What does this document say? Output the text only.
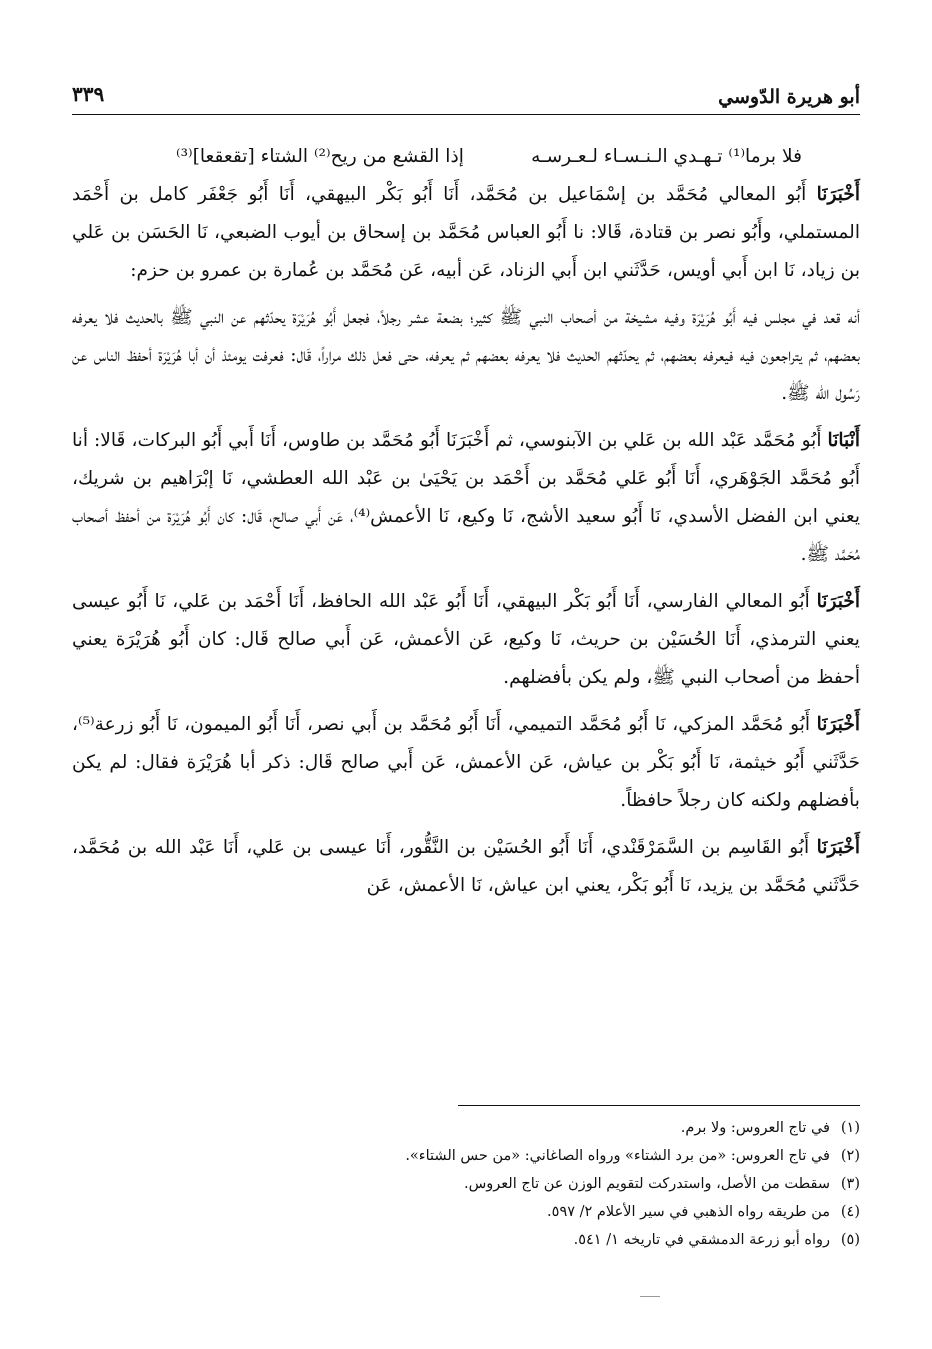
أبو هريرة الدّوسي
٣٣٩
فلا برما⁽¹⁾ تـهـدي الـنـسـاء لـعـرسـه
إذا القشع من ريح⁽²⁾ الشتاء [تقعقعا]⁽³⁾

أَخْبَرَنَا أَبُو المعالي مُحَمَّد بن إسْمَاعيل بن مُحَمَّد، أَنَا أَبُو بَكْر البيهقي، أَنَا أَبُو جَعْفَر كامل بن أَحْمَد المستملي، وأَبُو نصر بن قتادة، قَالا: نا أَبُو العباس مُحَمَّد بن إسحاق بن أيوب الضبعي، نَا الحَسَن بن عَلي بن زياد، نَا ابن أَبي أويس، حَدَّثَني ابن أَبي الزناد، عَن أبيه، عَن مُحَمَّد بن عُمارة بن عمرو بن حزم:

أنه قعد في مجلس فيه أَبُو هُرَيْرَة وفيه مشيخة من أصحاب النبي ﷺ كثير؛ بضعة عشر رجلاً، فجعل أَبُو هُرَيْرَة يحدّثهم عن النبي ﷺ بالحديث فلا يعرفه بعضهم، ثم يتراجعون فيه فيعرفه بعضهم، ثم يحدّثهم الحديث فلا يعرفه بعضهم ثم يعرفه، حتى فعل ذلك مراراً، قَال: فعرفت يومئذ أن أبا هُرَيْرَة أحفظ الناس عن رَسُول الله ﷺ.

أَنْبَانَا أَبُو مُحَمَّد عَبْد الله بن عَلي بن الآبنوسي، ثم أَخْبَرَنَا أَبُو مُحَمَّد بن طاوس، أَنَا أَبي أَبُو البركات، قَالا: أنا أَبُو مُحَمَّد الجَوْهَري، أَنَا أَبُو عَلي مُحَمَّد بن أَحْمَد بن يَحْيَىٰ بن عَبْد الله العطشي، نَا إبْرَاهيم بن شريك، يعني ابن الفضل الأسدي، نَا أَبُو سعيد الأشج، نَا وكيع، نَا الأعمش⁽⁴⁾، عَن أَبي صالح، قَال: كان أَبُو هُرَيْرَة من أحفظ أصحاب مُحَمَّد ﷺ.

أَخْبَرَنَا أَبُو المعالي الفارسي، أَنَا أَبُو بَكْر البيهقي، أَنَا أَبُو عَبْد الله الحافظ، أَنَا أَحْمَد بن عَلي، نَا أَبُو عيسى يعني الترمذي، أَنَا الحُسَيْن بن حريث، نَا وكيع، عَن الأعمش، عَن أَبي صالح قَال: كان أَبُو هُرَيْرَة يعني أحفظ من أصحاب النبي ﷺ، ولم يكن بأفضلهم.

أَخْبَرَنَا أَبُو مُحَمَّد المزكي، نَا أَبُو مُحَمَّد التميمي، أَنَا أَبُو مُحَمَّد بن أَبي نصر، أَنَا أَبُو الميمون، نَا أَبُو زرعة⁽⁵⁾، حَدَّثَني أَبُو خيثمة، نَا أَبُو بَكْر بن عياش، عَن الأعمش، عَن أَبي صالح قَال: ذكر أبا هُرَيْرَة فقال: لم يكن بأفضلهم ولكنه كان رجلاً حافظاً.

أَخْبَرَنَا أَبُو القَاسِم بن السَّمَرْقَنْدي، أَنَا أَبُو الحُسَيْن بن النَّقُّور، أَنَا عيسى بن عَلي، أَنَا عَبْد الله بن مُحَمَّد، حَدَّثَني مُحَمَّد بن يزيد، نَا أَبُو بَكْر، يعني ابن عياش، نَا الأعمش، عَن

(١)في تاج العروس: ولا برم.
(٢)في تاج العروس: «من برد الشتاء» ورواه الصاغاني: «من حس الشتاء».
(٣)سقطت من الأصل، واستدركت لتقويم الوزن عن تاج العروس.
(٤)من طريقه رواه الذهبي في سير الأعلام ٢/ ٥٩٧.
(٥)رواه أبو زرعة الدمشقي في تاريخه ١/ ٥٤١.
